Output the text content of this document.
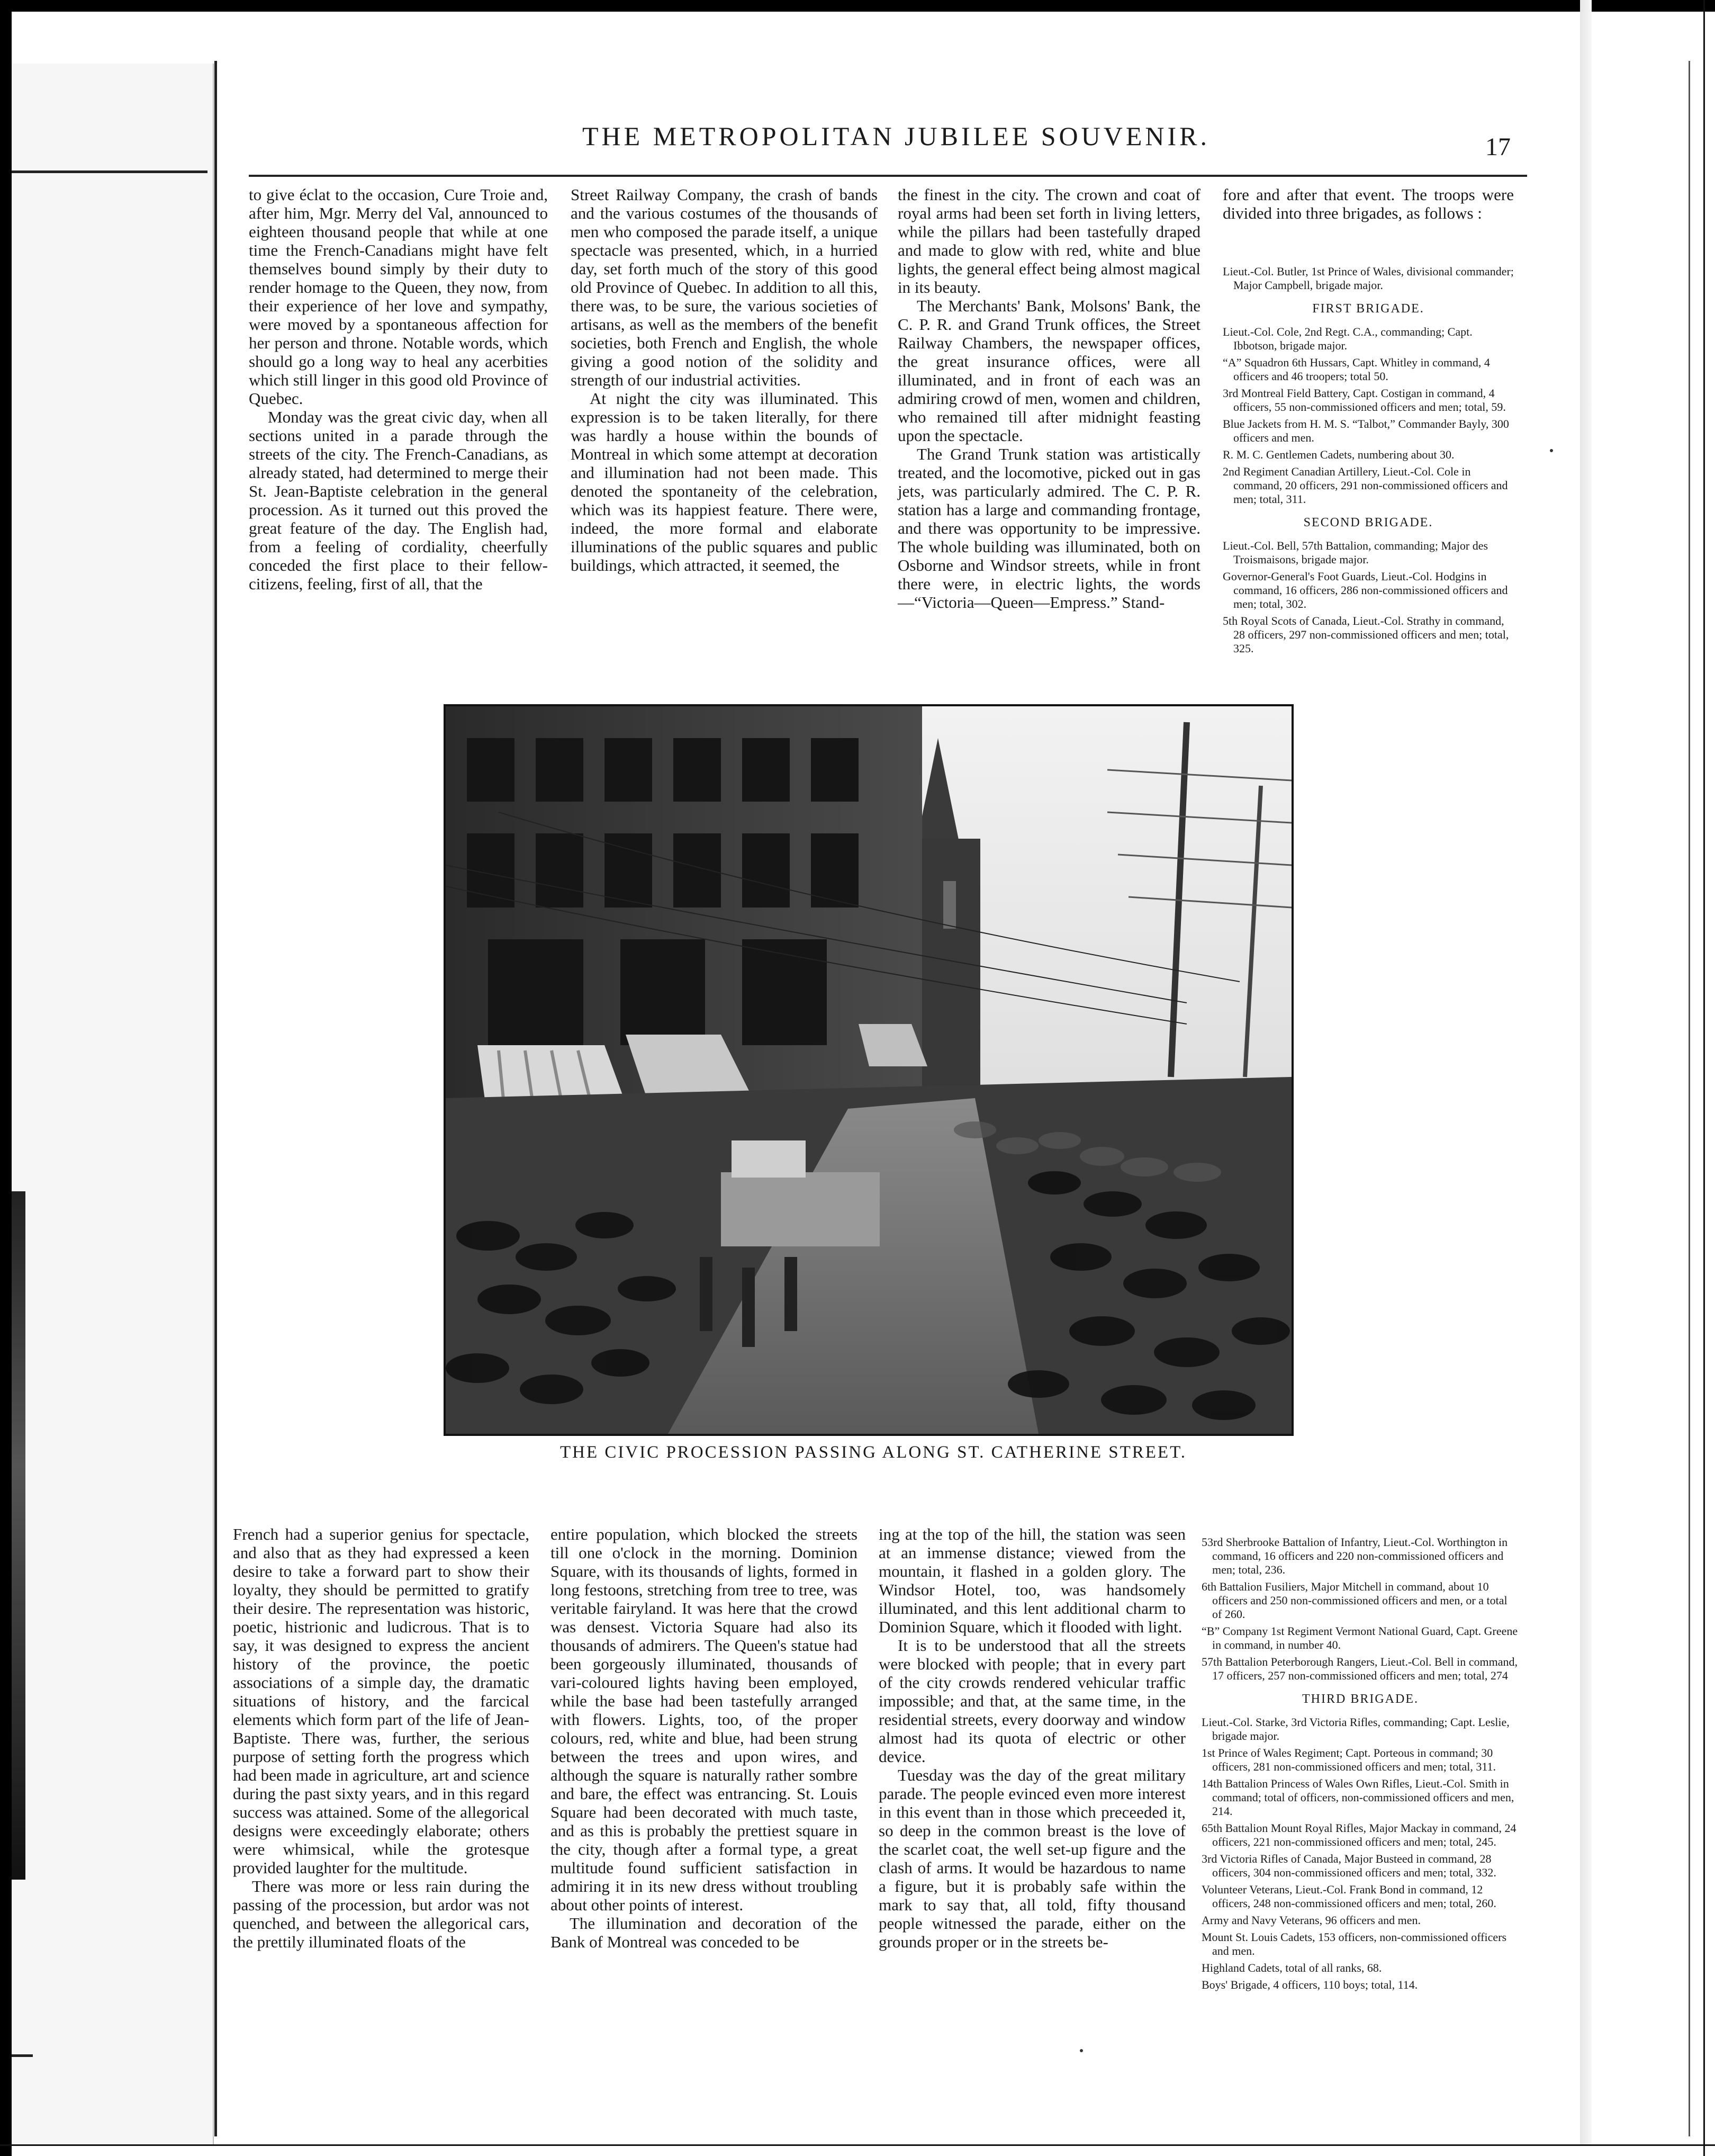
THE METROPOLITAN JUBILEE SOUVENIR.	17

to give éclat to the occasion, Cure Troie and, after him, Mgr. Merry del Val, announced to eighteen thousand people that while at one time the French-Canadians might have felt themselves bound simply by their duty to render homage to the Queen, they now, from their experience of her love and sympathy, were moved by a spontaneous affection for her person and throne. Notable words, which should go a long way to heal any acerbities which still linger in this good old Province of Quebec.

Monday was the great civic day, when all sections united in a parade through the streets of the city. The French-Canadians, as already stated, had determined to merge their St. Jean-Baptiste celebration in the general procession. As it turned out this proved the great feature of the day. The English had, from a feeling of cordiality, cheerfully conceded the first place to their fellow-citizens, feeling, first of all, that the

Street Railway Company, the crash of bands and the various costumes of the thousands of men who composed the parade itself, a unique spectacle was presented, which, in a hurried day, set forth much of the story of this good old Province of Quebec. In addition to all this, there was, to be sure, the various societies of artisans, as well as the members of the benefit societies, both French and English, the whole giving a good notion of the solidity and strength of our industrial activities.

At night the city was illuminated. This expression is to be taken literally, for there was hardly a house within the bounds of Montreal in which some attempt at decoration and illumination had not been made. This denoted the spontaneity of the celebration, which was its happiest feature. There were, indeed, the more formal and elaborate illuminations of the public squares and public buildings, which attracted, it seemed, the

the finest in the city. The crown and coat of royal arms had been set forth in living letters, while the pillars had been tastefully draped and made to glow with red, white and blue lights, the general effect being almost magical in its beauty.

The Merchants' Bank, Molsons' Bank, the C. P. R. and Grand Trunk offices, the Street Railway Chambers, the newspaper offices, the great insurance offices, were all illuminated, and in front of each was an admiring crowd of men, women and children, who remained till after midnight feasting upon the spectacle.

The Grand Trunk station was artistically treated, and the locomotive, picked out in gas jets, was particularly admired. The C. P. R. station has a large and commanding frontage, and there was opportunity to be impressive. The whole building was illuminated, both on Osborne and Windsor streets, while in front there were, in electric lights, the words—“Victoria—Queen—Empress.” Stand-

fore and after that event. The troops were divided into three brigades, as follows :

Lieut.-Col. Butler, 1st Prince of Wales, divisional commander; Major Campbell, brigade major.

FIRST BRIGADE.

Lieut.-Col. Cole, 2nd Regt. C.A., commanding; Capt. Ibbotson, brigade major.

“A” Squadron 6th Hussars, Capt. Whitley in command, 4 officers and 46 troopers; total 50.

3rd Montreal Field Battery, Capt. Costigan in command, 4 officers, 55 non-commissioned officers and men; total, 59.

Blue Jackets from H. M. S. “Talbot,” Commander Bayly, 300 officers and men.

R. M. C. Gentlemen Cadets, numbering about 30.

2nd Regiment Canadian Artillery, Lieut.-Col. Cole in command, 20 officers, 291 non-commissioned officers and men; total, 311.

SECOND BRIGADE.

Lieut.-Col. Bell, 57th Battalion, commanding; Major des Troismaisons, brigade major.

Governor-General's Foot Guards, Lieut.-Col. Hodgins in command, 16 officers, 286 non-commissioned officers and men; total, 302.

5th Royal Scots of Canada, Lieut.-Col. Strathy in command, 28 officers, 297 non-commissioned officers and men; total, 325.

THE CIVIC PROCESSION PASSING ALONG ST. CATHERINE STREET.

French had a superior genius for spectacle, and also that as they had expressed a keen desire to take a forward part to show their loyalty, they should be permitted to gratify their desire. The representation was historic, poetic, histrionic and ludicrous. That is to say, it was designed to express the ancient history of the province, the poetic associations of a simple day, the dramatic situations of history, and the farcical elements which form part of the life of Jean-Baptiste. There was, further, the serious purpose of setting forth the progress which had been made in agriculture, art and science during the past sixty years, and in this regard success was attained. Some of the allegorical designs were exceedingly elaborate; others were whimsical, while the grotesque provided laughter for the multitude.

There was more or less rain during the passing of the procession, but ardor was not quenched, and between the allegorical cars, the prettily illuminated floats of the

entire population, which blocked the streets till one o'clock in the morning. Dominion Square, with its thousands of lights, formed in long festoons, stretching from tree to tree, was veritable fairyland. It was here that the crowd was densest. Victoria Square had also its thousands of admirers. The Queen's statue had been gorgeously illuminated, thousands of vari-coloured lights having been employed, while the base had been tastefully arranged with flowers. Lights, too, of the proper colours, red, white and blue, had been strung between the trees and upon wires, and although the square is naturally rather sombre and bare, the effect was entrancing. St. Louis Square had been decorated with much taste, and as this is probably the prettiest square in the city, though after a formal type, a great multitude found sufficient satisfaction in admiring it in its new dress without troubling about other points of interest.

The illumination and decoration of the Bank of Montreal was conceded to be

ing at the top of the hill, the station was seen at an immense distance; viewed from the mountain, it flashed in a golden glory. The Windsor Hotel, too, was handsomely illuminated, and this lent additional charm to Dominion Square, which it flooded with light.

It is to be understood that all the streets were blocked with people; that in every part of the city crowds rendered vehicular traffic impossible; and that, at the same time, in the residential streets, every doorway and window almost had its quota of electric or other device.

Tuesday was the day of the great military parade. The people evinced even more interest in this event than in those which preceeded it, so deep in the common breast is the love of the scarlet coat, the well set-up figure and the clash of arms. It would be hazardous to name a figure, but it is probably safe within the mark to say that, all told, fifty thousand people witnessed the parade, either on the grounds proper or in the streets be-

53rd Sherbrooke Battalion of Infantry, Lieut.-Col. Worthington in command, 16 officers and 220 non-commissioned officers and men; total, 236.

6th Battalion Fusiliers, Major Mitchell in command, about 10 officers and 250 non-commissioned officers and men, or a total of 260.

“B” Company 1st Regiment Vermont National Guard, Capt. Greene in command, in number 40.

57th Battalion Peterborough Rangers, Lieut.-Col. Bell in command, 17 officers, 257 non-commissioned officers and men; total, 274

THIRD BRIGADE.

Lieut.-Col. Starke, 3rd Victoria Rifles, commanding; Capt. Leslie, brigade major.

1st Prince of Wales Regiment; Capt. Porteous in command; 30 officers, 281 non-commissioned officers and men; total, 311.

14th Battalion Princess of Wales Own Rifles, Lieut.-Col. Smith in command; total of officers, non-commissioned officers and men, 214.

65th Battalion Mount Royal Rifles, Major Mackay in command, 24 officers, 221 non-commissioned officers and men; total, 245.

3rd Victoria Rifles of Canada, Major Busteed in command, 28 officers, 304 non-commissioned officers and men; total, 332.

Volunteer Veterans, Lieut.-Col. Frank Bond in command, 12 officers, 248 non-commissioned officers and men; total, 260.

Army and Navy Veterans, 96 officers and men.

Mount St. Louis Cadets, 153 officers, non-commissioned officers and men.

Highland Cadets, total of all ranks, 68.

Boys' Brigade, 4 officers, 110 boys; total, 114.
